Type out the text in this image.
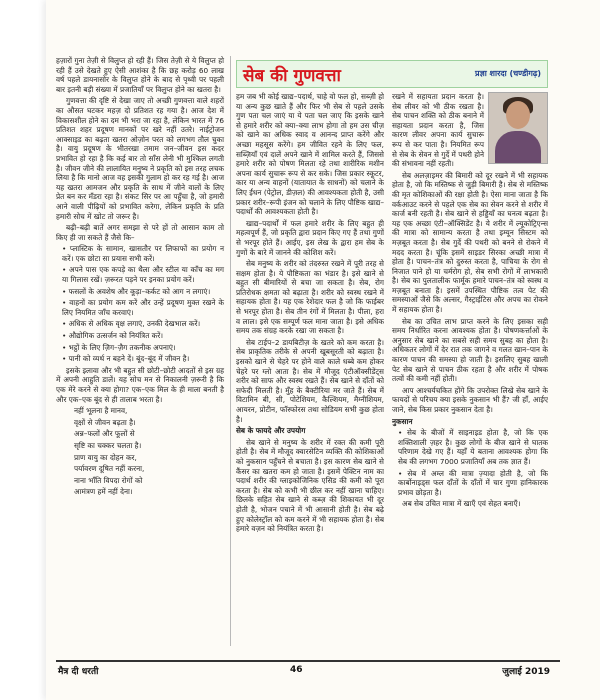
हज़ारों गुना तेज़ी से विलुप्त हो रही हैं। जिस तेज़ी से ये विलुप्त हो रही हैं उसे देखते हुए ऐसी आशंका है कि छह करोड़ 60 लाख वर्ष पहले डायनासोर के विलुप्त होने के बाद से पृथ्वी पर पहली बार इतनी बड़ी संख्या में प्रजातियाँ पर विलुप्त होने का खतरा है।

गुणवत्ता की दृष्टि से देखा जाए तो अच्छी गुणवत्ता वाले शहरों का औसत घटकर महज़ दो प्रतिशत रह गया है। आज देश में विकासशील होने का दम भी भरा जा रहा है, लेकिन भारत में 76 प्रतिशत शहर प्रदूषण मानकों पर खरे नहीं उतरे। नाईट्रोजन आक्साइड का बढ़ता खतरा ओज़ोन परत को लगभग तौल चुका है। वायु प्रदूषण के भीतरखा तमाम जन–जीवन इस कदर प्रभावित हो रहा है कि कई बार तो साँस लेनी भी मुश्किल लगती है। जीवन जीने की लालायित मनुष्य ने प्रकृति को इस तरह लचक लिया है कि मानो आज वह इसकी गुलाम हो कर रह गई है। आज यह खतरा आमजन और प्रकृति के साथ में जीने वालों के लिए प्रेत बन कर मँडरा रहा है। संकट सिर पर आ पहुँचा है, जो हमारी आने वाली पीढ़ियों को प्रभावित करेगा, लेकिन प्रकृति के प्रति हमारी सोच में खोट तो जरूर है।

बढ़ी–बढ़ी बातें अगर समझा से परे हों तो आसान काम तो किए ही जा सकते हैं जैसे कि–

• प्लास्टिक के सामान, खासतौर पर लिफाफों का प्रयोग न करें। एक छोटा सा प्रयास सभी करें।

• अपने पास एक कपड़े का थैला और स्टील या काँच का मग या गिलास रखें। ज़रूरत पड़ने पर इनका प्रयोग करें।

• फसलों के अवशेष और कूड़ा–कर्कट को आग न लगाएं।

• वाहनों का प्रयोग कम करें और उन्हें प्रदूषण मुक्त रखने के लिए नियमित जाँच करवाएं।

• अधिक से अधिक वृक्ष लगाएं, उनकी देखभाल करें।

• औद्योगिक उत्सर्जन को नियंत्रित करें।

• भट्ठों के लिए ज़िग–ज़ैग तकनीक अपनाएं।

• पानी को व्यर्थ न बहने दें। बूंद–बूंद में जीवन है।

इसके इलावा और भी बहुत सी छोटी–छोटी आदतों से इस ग्रह में अपनी आहुति डालें। यह सोच मन से निकालनी ज़रूरी है कि एक मेरे करने से क्या होगा? एक–एक मिल के ही माला बनती है और एक–एक बूंद से ही तालाब भरता है।

नहीं भूलना है मानव,

वृक्षों से जीवन बढ़ता है।

अन्न–फलों और फूलों से

सृष्टि का चक्कर चलता है।

प्राण वायु का दोहन कर,

पर्यावरण दूषित नहीं करना,

नाना भाँति विपदा रोगों को

आमंत्रण हमें नहीं देना।

सेब की गुणवत्ता	प्रज्ञा शारदा (चण्डीगढ़)

हम जब भी कोई खाद्य–पदार्थ, चाहे वो फल हो, सब्ज़ी हो या अन्य कुछ खाते हैं और फिर भी सेब से पहले उसके गुण पता चल जाएं या ये पता चल जाए कि इसके खाने से हमारे शरीर को क्या–क्या लाभ होगा तो हम उस चीज़ को खाने का अधिक स्वाद व आनन्द प्राप्त करेंगे और अच्छा महसूस करेंगे। हम जीवित रहने के लिए फल, सब्ज़ियाँ एवं दालें अपने खाने में शामिल करते हैं, जिससे हमारे शरीर को पोषण मिलता रहे तथा शारीरिक मशीन अपना कार्य सुचारू रूप से कर सके। जिस प्रकार स्कूटर, कार या अन्य वाहनों (यातायात के साधनों) को चलाने के लिए ईंधन (पेट्रोल, डीज़ल) की आवश्यकता होती है, उसी प्रकार शरीर–रूपी इंजन को चलाने के लिए पौष्टिक खाद्य–पदार्थों की आवश्यकता होती है।

खाद्य–पदार्थों में फल हमारे शरीर के लिए बहुत ही महत्वपूर्ण हैं, जो प्रकृति द्वारा प्रदान किए गए हैं तथा गुणों से भरपूर होते हैं। आईए, इस लेख के द्वारा हम सेब के गुणों के बारे में जानने की कोशिश करें।

सेब मनुष्य के शरीर को तंदरुस्त रखने में पूरी तरह से सक्षम होता है। ये पौष्टिकता का भंडार है। इसे खाने से बहुत सी बीमारियों से बचा जा सकता है। सेब, रोग प्रतिरोधक क्षमता को बढ़ाता है। शरीर को स्वस्थ रखने में सहायक होता है। यह एक रेशेदार फल है जो कि फाईबर से भरपूर होता है। सेब तीन रंगों में मिलता है। पीला, हरा व लाल। इसे एक सम्पूर्ण फल माना जाता है। इसे अधिक समय तक संग्रह करके रखा जा सकता है।

सेब टाईप–2 डायबिटीज़ के खतरे को कम करता है। सेब प्राकृतिक तरीके से अपनी खूबसूरती को बढ़ाता है। इसको खाने से चेहरे पर होने वाले काले धब्बे कम होकर चेहरे पर ग्लो आता है। सेब में मौजूद एंटीऑक्सीडेंट्स शरीर को साफ और स्वस्थ रखते हैं। सेब खाने से दाँतों को सफेदी मिलती है। मुँह के बैक्टीरिया मर जाते हैं। सेब में विटामिन बी, सी, पोटेशियम, कैल्शियम, मैग्नीशियम, आयरन, प्रोटीन, फॉस्फोरस तथा सोडियम सभी कुछ होता है।

सेब के फायदे और उपयोग

सेब खाने से मनुष्य के शरीर में रक्त की कमी पूरी होती है। सेब में मौजूद क्वारसेटिन व्यक्ति की कोशिकाओं को नुकसान पहुँचने से बचाता है। इस कारण सेब खाने से कैंसर का खतरा कम हो जाता है। इसमें पेक्टिन नाम का पदार्थ शरीर की ग्लाइकोजिनिक एसिड की कमी को पूरा करता है। सेब को कभी भी छील कर नहीं खाना चाहिए। छिलके सहित सेब खाने से कब्ज़ की शिकायत भी दूर होती है, भोजन पचाने में भी आसानी होती है। सेब बढ़े हुए कोलेस्ट्रॉल को कम करने में भी सहायक होता है। सेब हमारे वज़न को नियंत्रित करता है।

रखने में सहायता प्रदान करता है। सेब लीवर को भी ठीक रखता है। सेब पाचन शक्ति को ठीक बनाने में सहायता प्रदान करता है, जिस कारण लीवर अपना कार्य सुचारू रूप से कर पाता है। नियमित रूप से सेब के सेवन से गुर्दे में पथरी होने की संभावना नहीं रहती।

सेब अलज़ाइमर की बिमारी को दूर रखने में भी सहायक होता है, जो कि मस्तिष्क से जुड़ी बिमारी है। सेब से मस्तिष्क की मृत कोशिकाओं की रक्षा होती है। ऐसा माना जाता है कि वर्कआउट करने से पहले एक सेब का सेवन करने से शरीर में कार्ज बनी रहती है। सेब खाने से हड्डियाँ का घनत्व बढ़ता है। यह एक अच्छा एंटी–ऑक्सिडेंट है। ये शरीर में ल्यूकोट्रिएन्स की मात्रा को सामान्य करता है तथा इम्यून सिस्टम को मज़बूत करता है। सेब गुर्दे की पथरी को बनने से रोकने में मदद करता है। चूंकि इसमें साइडर सिरका अच्छी मात्रा में होता है। पाचन–तंत्र को दुरुस्त करता है, पाचिया के रोग से निजात पाने हो या चर्मरोग हो, सेब सभी रोगों में लाभकारी है। सेब का पुलतालीक फार्मूक हमारे पाचन–तंत्र को स्वस्थ व मज़बूत बनाता है। इसमें उपस्थित पौष्टिक तत्व पेट की समस्याओं जैसे कि अल्सर, गैस्ट्राईटिस और अपच का रोकने में सहायक होता है।

सेब का उचित लाभ प्राप्त करने के लिए इसका सही समय निर्धारित करना आवश्यक होता है। पोषणकर्त्ताओं के अनुसार सेब खाने का सबसे सही समय सुबह का होता है। अधिकतर लोगों में देर रात तक जागने व गलत खान–पान के कारण पाचन की समस्या हो जाती है। इसलिए सुबह खाली पेट सेब खाने से पाचन ठीक रहता है और शरीर में पोषक तत्वों की कमी नहीं होती।

आप आश्चर्यचकित होंगे कि उपरोक्त लिखे सेब खाने के फायदों से परिचय क्या इसके नुकसान भी हैं? जी हाँ, आईए जाने, सेब किस प्रकार नुकसान देता है।

नुकसान

• सेब के बीजों में साइनाइड होता है, जो कि एक शक्तिशाली ज़हर है। कुछ लोगों के बीज खाने से घातक परिणाम देखे गए हैं। यहाँ ये बताना आवश्यक होगा कि सेब की लगभग 7000 प्रजातियाँ अब तक ज्ञात हैं।

• सेब में अम्ल की मात्रा ज़्यादा होती है, जो कि कार्बोनाइड्स फल दाँतों के दाँतों में चार गुणा हानिकारक प्रभाव छोड़ता है।

अब सेब उचित मात्रा में खाएँ एवं सेहत बनाएँ।

मैत्र दी धरती	46	जुलाई 2019
